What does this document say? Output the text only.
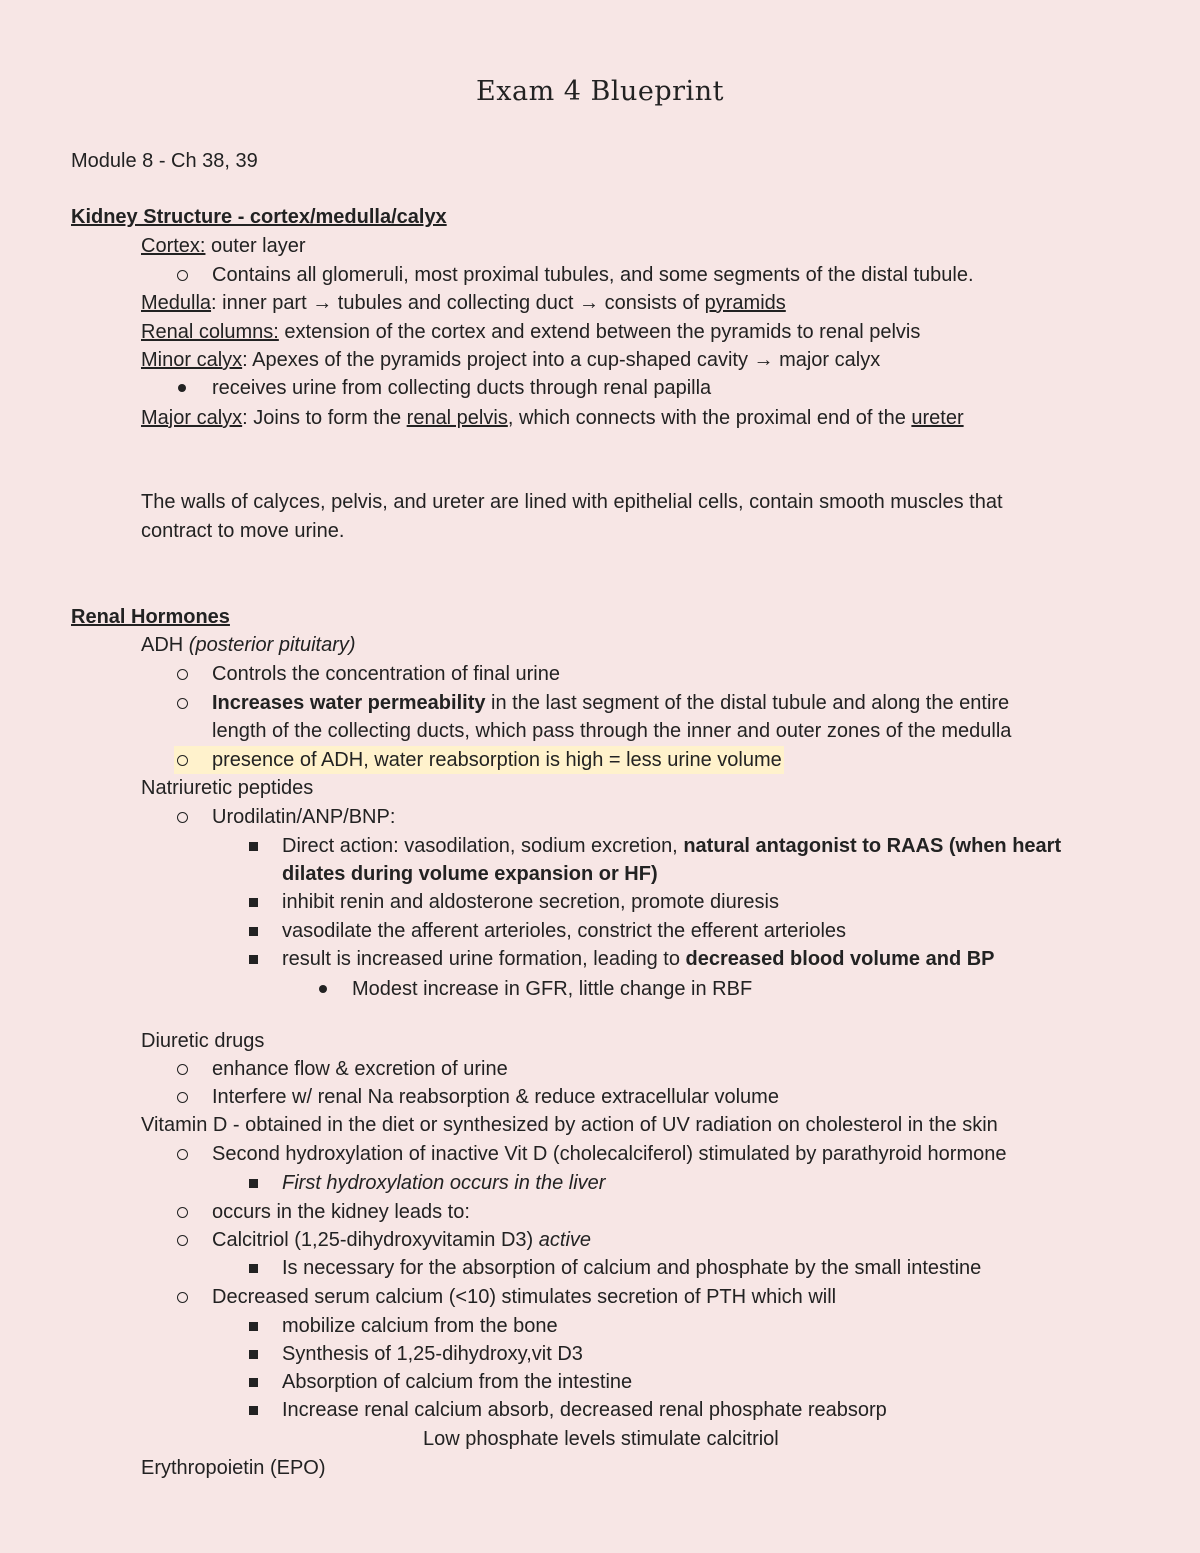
Exam 4 Blueprint
Module 8 - Ch 38, 39
Kidney Structure - cortex/medulla/calyx
Cortex: outer layer
Contains all glomeruli, most proximal tubules, and some segments of the distal tubule.
Medulla: inner part → tubules and collecting duct → consists of pyramids
Renal columns: extension of the cortex and extend between the pyramids to renal pelvis
Minor calyx: Apexes of the pyramids project into a cup-shaped cavity → major calyx
receives urine from collecting ducts through renal papilla
Major calyx: Joins to form the renal pelvis, which connects with the proximal end of the ureter
The walls of calyces, pelvis, and ureter are lined with epithelial cells, contain smooth muscles that
contract to move urine.
Renal Hormones
ADH (posterior pituitary)
Controls the concentration of final urine
Increases water permeability in the last segment of the distal tubule and along the entire
length of the collecting ducts, which pass through the inner and outer zones of the medulla
presence of ADH, water reabsorption is high = less urine volume
Natriuretic peptides
Urodilatin/ANP/BNP:
Direct action: vasodilation, sodium excretion, natural antagonist to RAAS (when heart
dilates during volume expansion or HF)
inhibit renin and aldosterone secretion, promote diuresis
vasodilate the afferent arterioles, constrict the efferent arterioles
result is increased urine formation, leading to decreased blood volume and BP
Modest increase in GFR, little change in RBF
Diuretic drugs
enhance flow & excretion of urine
Interfere w/ renal Na reabsorption & reduce extracellular volume
Vitamin D - obtained in the diet or synthesized by action of UV radiation on cholesterol in the skin
Second hydroxylation of inactive Vit D (cholecalciferol) stimulated by parathyroid hormone
First hydroxylation occurs in the liver
occurs in the kidney leads to:
Calcitriol (1,25-dihydroxyvitamin D3) active
Is necessary for the absorption of calcium and phosphate by the small intestine
Decreased serum calcium (<10) stimulates secretion of PTH which will
mobilize calcium from the bone
Synthesis of 1,25-dihydroxy,vit D3
Absorption of calcium from the intestine
Increase renal calcium absorb, decreased renal phosphate reabsorp
Low phosphate levels stimulate calcitriol
Erythropoietin (EPO)
